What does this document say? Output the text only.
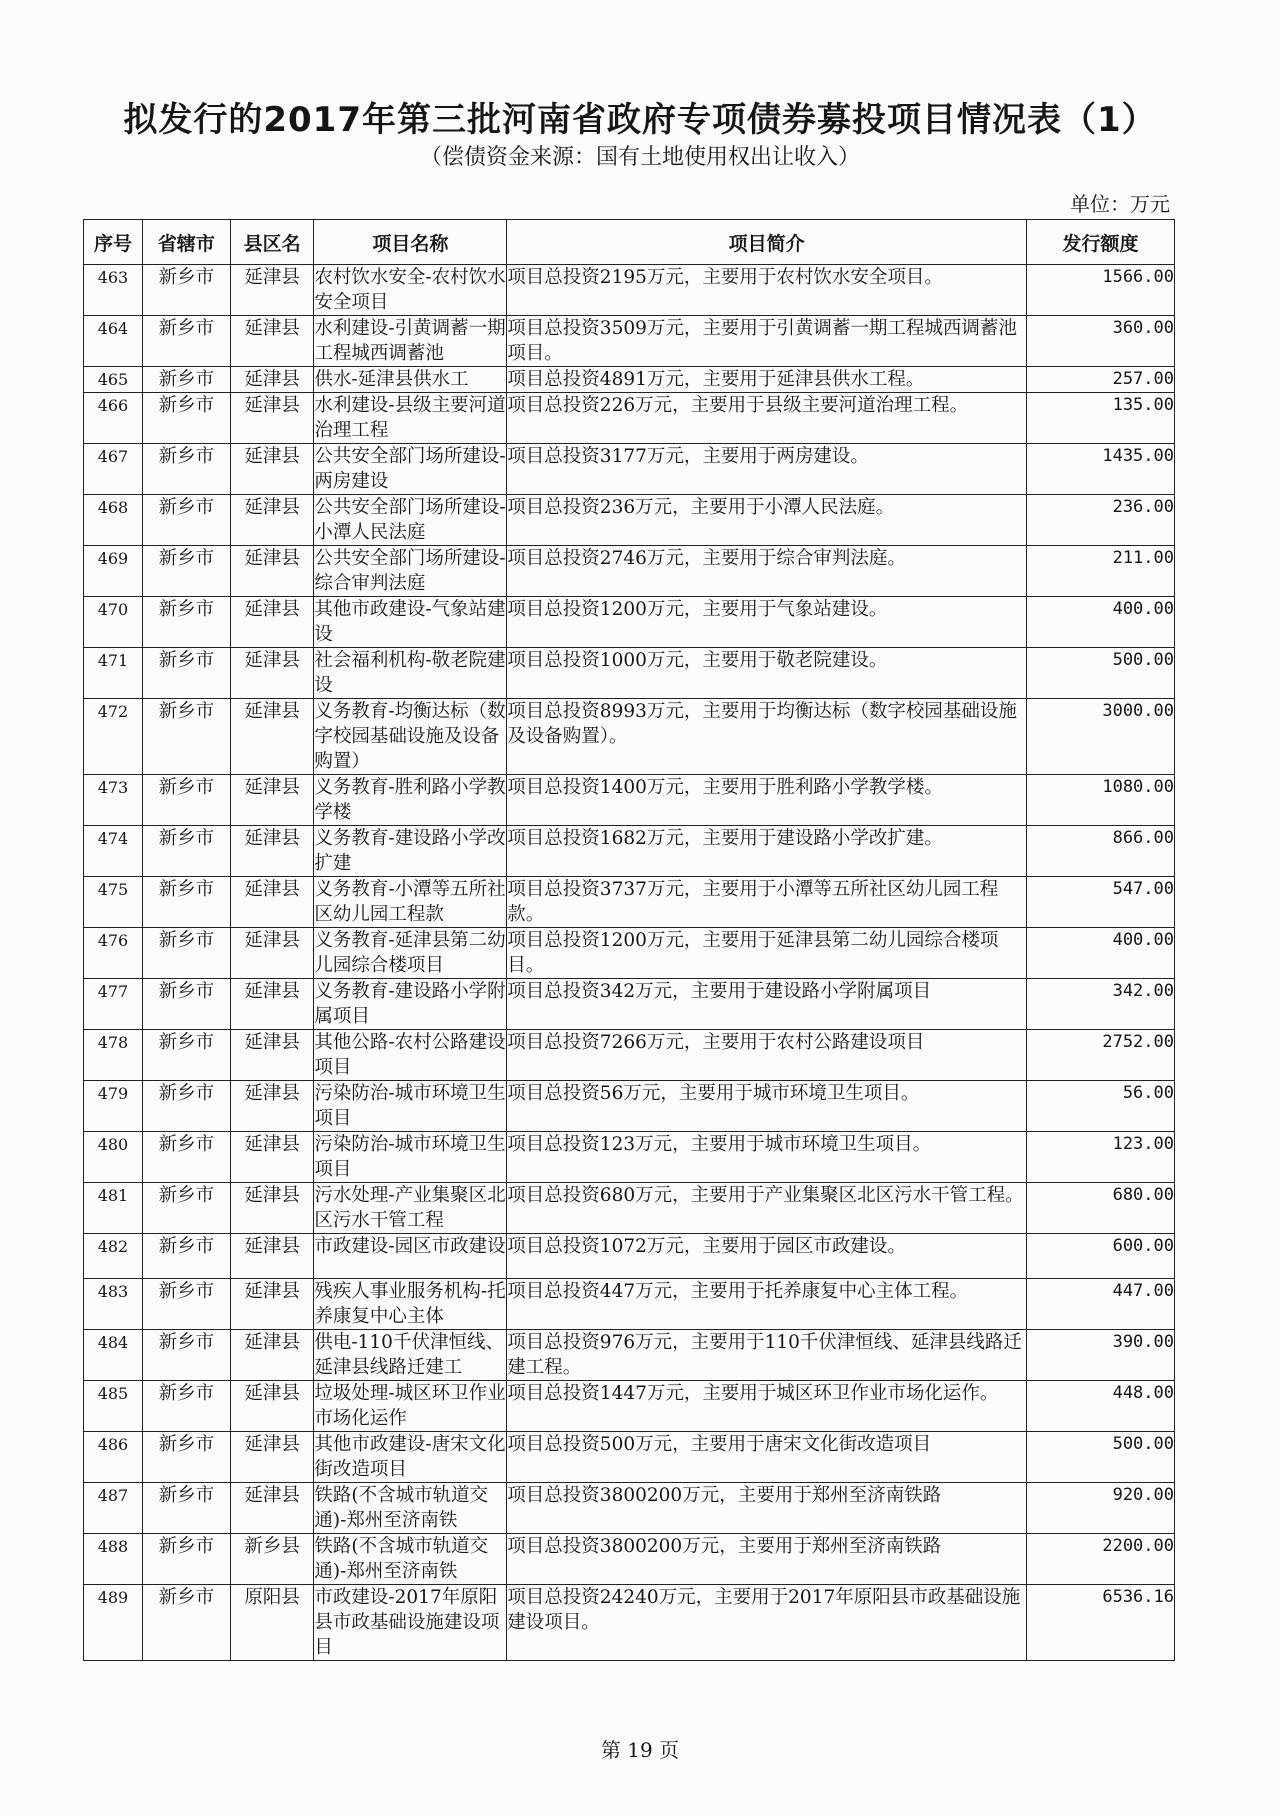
拟发行的2017年第三批河南省政府专项债券募投项目情况表（1）
（偿债资金来源：国有土地使用权出让收入）
单位：万元
序号	省辖市	县区名	项目名称	项目简介	发行额度
463	新乡市	延津县	农村饮水安全-农村饮水安全项目	项目总投资2195万元，主要用于农村饮水安全项目。	1566.00
464	新乡市	延津县	水利建设-引黄调蓄一期工程城西调蓄池	项目总投资3509万元，主要用于引黄调蓄一期工程城西调蓄池项目。	360.00
465	新乡市	延津县	供水-延津县供水工	项目总投资4891万元，主要用于延津县供水工程。	257.00
466	新乡市	延津县	水利建设-县级主要河道治理工程	项目总投资226万元，主要用于县级主要河道治理工程。	135.00
467	新乡市	延津县	公共安全部门场所建设-两房建设	项目总投资3177万元，主要用于两房建设。	1435.00
468	新乡市	延津县	公共安全部门场所建设-小潭人民法庭	项目总投资236万元，主要用于小潭人民法庭。	236.00
469	新乡市	延津县	公共安全部门场所建设-综合审判法庭	项目总投资2746万元，主要用于综合审判法庭。	211.00
470	新乡市	延津县	其他市政建设-气象站建设	项目总投资1200万元，主要用于气象站建设。	400.00
471	新乡市	延津县	社会福利机构-敬老院建设	项目总投资1000万元，主要用于敬老院建设。	500.00
472	新乡市	延津县	义务教育-均衡达标（数字校园基础设施及设备购置）	项目总投资8993万元，主要用于均衡达标（数字校园基础设施及设备购置）。	3000.00
473	新乡市	延津县	义务教育-胜利路小学教学楼	项目总投资1400万元，主要用于胜利路小学教学楼。	1080.00
474	新乡市	延津县	义务教育-建设路小学改扩建	项目总投资1682万元，主要用于建设路小学改扩建。	866.00
475	新乡市	延津县	义务教育-小潭等五所社区幼儿园工程款	项目总投资3737万元，主要用于小潭等五所社区幼儿园工程款。	547.00
476	新乡市	延津县	义务教育-延津县第二幼儿园综合楼项目	项目总投资1200万元，主要用于延津县第二幼儿园综合楼项目。	400.00
477	新乡市	延津县	义务教育-建设路小学附属项目	项目总投资342万元，主要用于建设路小学附属项目	342.00
478	新乡市	延津县	其他公路-农村公路建设项目	项目总投资7266万元，主要用于农村公路建设项目	2752.00
479	新乡市	延津县	污染防治-城市环境卫生项目	项目总投资56万元，主要用于城市环境卫生项目。	56.00
480	新乡市	延津县	污染防治-城市环境卫生项目	项目总投资123万元，主要用于城市环境卫生项目。	123.00
481	新乡市	延津县	污水处理-产业集聚区北区污水干管工程	项目总投资680万元，主要用于产业集聚区北区污水干管工程。	680.00
482	新乡市	延津县	市政建设-园区市政建设	项目总投资1072万元，主要用于园区市政建设。	600.00
483	新乡市	延津县	残疾人事业服务机构-托养康复中心主体	项目总投资447万元，主要用于托养康复中心主体工程。	447.00
484	新乡市	延津县	供电-110千伏津恒线、延津县线路迁建工	项目总投资976万元，主要用于110千伏津恒线、延津县线路迁建工程。	390.00
485	新乡市	延津县	垃圾处理-城区环卫作业市场化运作	项目总投资1447万元，主要用于城区环卫作业市场化运作。	448.00
486	新乡市	延津县	其他市政建设-唐宋文化街改造项目	项目总投资500万元，主要用于唐宋文化街改造项目	500.00
487	新乡市	延津县	铁路(不含城市轨道交通)-郑州至济南铁	项目总投资3800200万元，主要用于郑州至济南铁路	920.00
488	新乡市	新乡县	铁路(不含城市轨道交通)-郑州至济南铁	项目总投资3800200万元，主要用于郑州至济南铁路	2200.00
489	新乡市	原阳县	市政建设-2017年原阳县市政基础设施建设项目	项目总投资24240万元，主要用于2017年原阳县市政基础设施建设项目。	6536.16
第 19 页
